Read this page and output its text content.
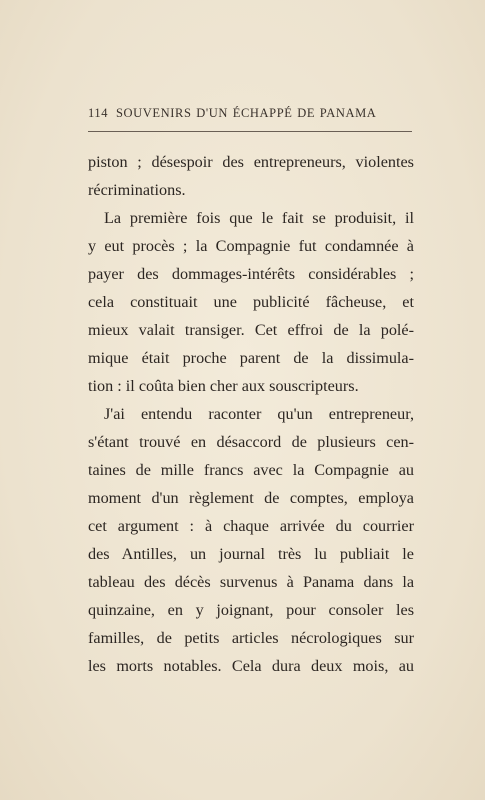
114 SOUVENIRS D'UN ÉCHAPPÉ DE PANAMA
piston ; désespoir des entrepreneurs, violentes
récriminations.
La première fois que le fait se produisit, il
y eut procès ; la Compagnie fut condamnée à
payer des dommages-intérêts considérables ;
cela constituait une publicité fâcheuse, et
mieux valait transiger. Cet effroi de la polé-
mique était proche parent de la dissimula-
tion : il coûta bien cher aux souscripteurs.
J'ai entendu raconter qu'un entrepreneur,
s'étant trouvé en désaccord de plusieurs cen-
taines de mille francs avec la Compagnie au
moment d'un règlement de comptes, employa
cet argument : à chaque arrivée du courrier
des Antilles, un journal très lu publiait le
tableau des décès survenus à Panama dans la
quinzaine, en y joignant, pour consoler les
familles, de petits articles nécrologiques sur
les morts notables. Cela dura deux mois, au
